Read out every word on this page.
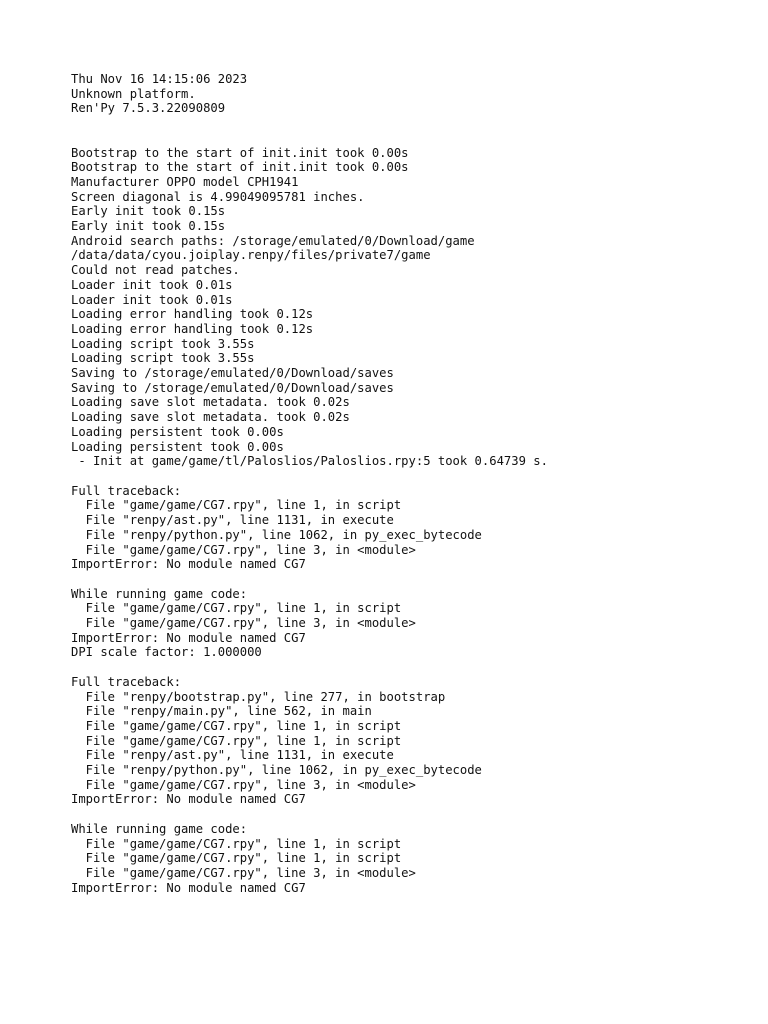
Thu Nov 16 14:15:06 2023
Unknown platform.
Ren'Py 7.5.3.22090809

Bootstrap to the start of init.init took 0.00s
Bootstrap to the start of init.init took 0.00s
Manufacturer OPPO model CPH1941
Screen diagonal is 4.99049095781 inches.
Early init took 0.15s
Early init took 0.15s
Android search paths: /storage/emulated/0/Download/game
/data/data/cyou.joiplay.renpy/files/private7/game
Could not read patches.
Loader init took 0.01s
Loader init took 0.01s
Loading error handling took 0.12s
Loading error handling took 0.12s
Loading script took 3.55s
Loading script took 3.55s
Saving to /storage/emulated/0/Download/saves
Saving to /storage/emulated/0/Download/saves
Loading save slot metadata. took 0.02s
Loading save slot metadata. took 0.02s
Loading persistent took 0.00s
Loading persistent took 0.00s
- Init at game/game/tl/Paloslios/Paloslios.rpy:5 took 0.64739 s.

Full traceback:
File "game/game/CG7.rpy", line 1, in script
File "renpy/ast.py", line 1131, in execute
File "renpy/python.py", line 1062, in py_exec_bytecode
File "game/game/CG7.rpy", line 3, in <module>
ImportError: No module named CG7

While running game code:
File "game/game/CG7.rpy", line 1, in script
File "game/game/CG7.rpy", line 3, in <module>
ImportError: No module named CG7
DPI scale factor: 1.000000

Full traceback:
File "renpy/bootstrap.py", line 277, in bootstrap
File "renpy/main.py", line 562, in main
File "game/game/CG7.rpy", line 1, in script
File "game/game/CG7.rpy", line 1, in script
File "renpy/ast.py", line 1131, in execute
File "renpy/python.py", line 1062, in py_exec_bytecode
File "game/game/CG7.rpy", line 3, in <module>
ImportError: No module named CG7

While running game code:
File "game/game/CG7.rpy", line 1, in script
File "game/game/CG7.rpy", line 1, in script
File "game/game/CG7.rpy", line 3, in <module>
ImportError: No module named CG7
